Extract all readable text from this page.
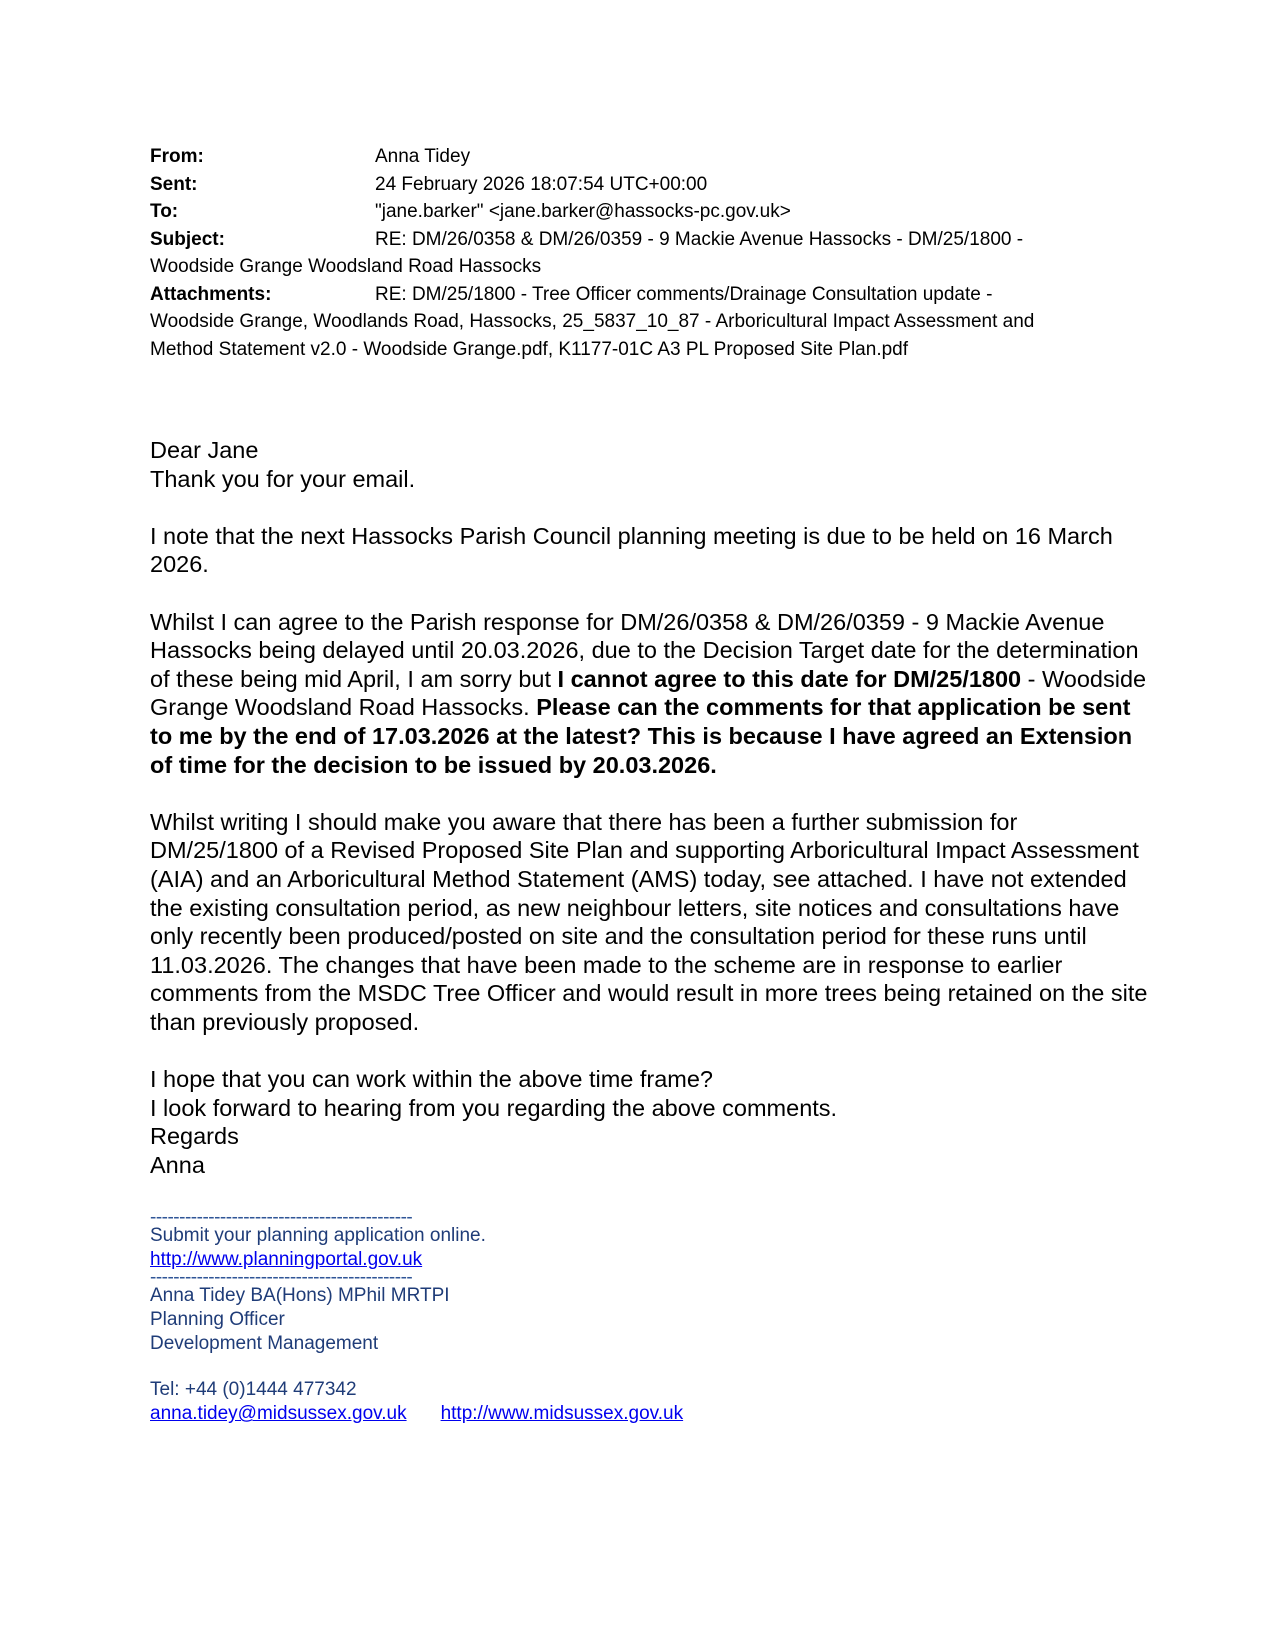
From:	Anna Tidey
Sent:	24 February 2026 18:07:54 UTC+00:00
To:	"jane.barker" <jane.barker@hassocks-pc.gov.uk>
Subject:	RE: DM/26/0358 & DM/26/0359 - 9 Mackie Avenue Hassocks - DM/25/1800 -
Woodside Grange Woodsland Road Hassocks
Attachments:	RE: DM/25/1800 - Tree Officer comments/Drainage Consultation update -
Woodside Grange, Woodlands Road, Hassocks, 25_5837_10_87 - Arboricultural Impact Assessment and
Method Statement v2.0 - Woodside Grange.pdf, K1177-01C A3 PL Proposed Site Plan.pdf

Dear Jane

Thank you for your email.

I note that the next Hassocks Parish Council planning meeting is due to be held on 16 March 2026.

Whilst I can agree to the Parish response for DM/26/0358 & DM/26/0359 - 9 Mackie Avenue Hassocks being delayed until 20.03.2026, due to the Decision Target date for the determination of these being mid April, I am sorry but I cannot agree to this date for DM/25/1800 - Woodside Grange Woodsland Road Hassocks. Please can the comments for that application be sent to me by the end of 17.03.2026 at the latest? This is because I have agreed an Extension of time for the decision to be issued by 20.03.2026.

Whilst writing I should make you aware that there has been a further submission for DM/25/1800 of a Revised Proposed Site Plan and supporting Arboricultural Impact Assessment (AIA) and an Arboricultural Method Statement (AMS) today, see attached. I have not extended the existing consultation period, as new neighbour letters, site notices and consultations have only recently been produced/posted on site and the consultation period for these runs until 11.03.2026. The changes that have been made to the scheme are in response to earlier comments from the MSDC Tree Officer and would result in more trees being retained on the site than previously proposed.

I hope that you can work within the above time frame?

I look forward to hearing from you regarding the above comments.

Regards

Anna

---------------------------------------------
Submit your planning application online.
http://www.planningportal.gov.uk
---------------------------------------------
Anna Tidey BA(Hons) MPhil MRTPI
Planning Officer
Development Management
Tel: +44 (0)1444 477342
anna.tidey@midsussex.gov.uk http://www.midsussex.gov.uk
